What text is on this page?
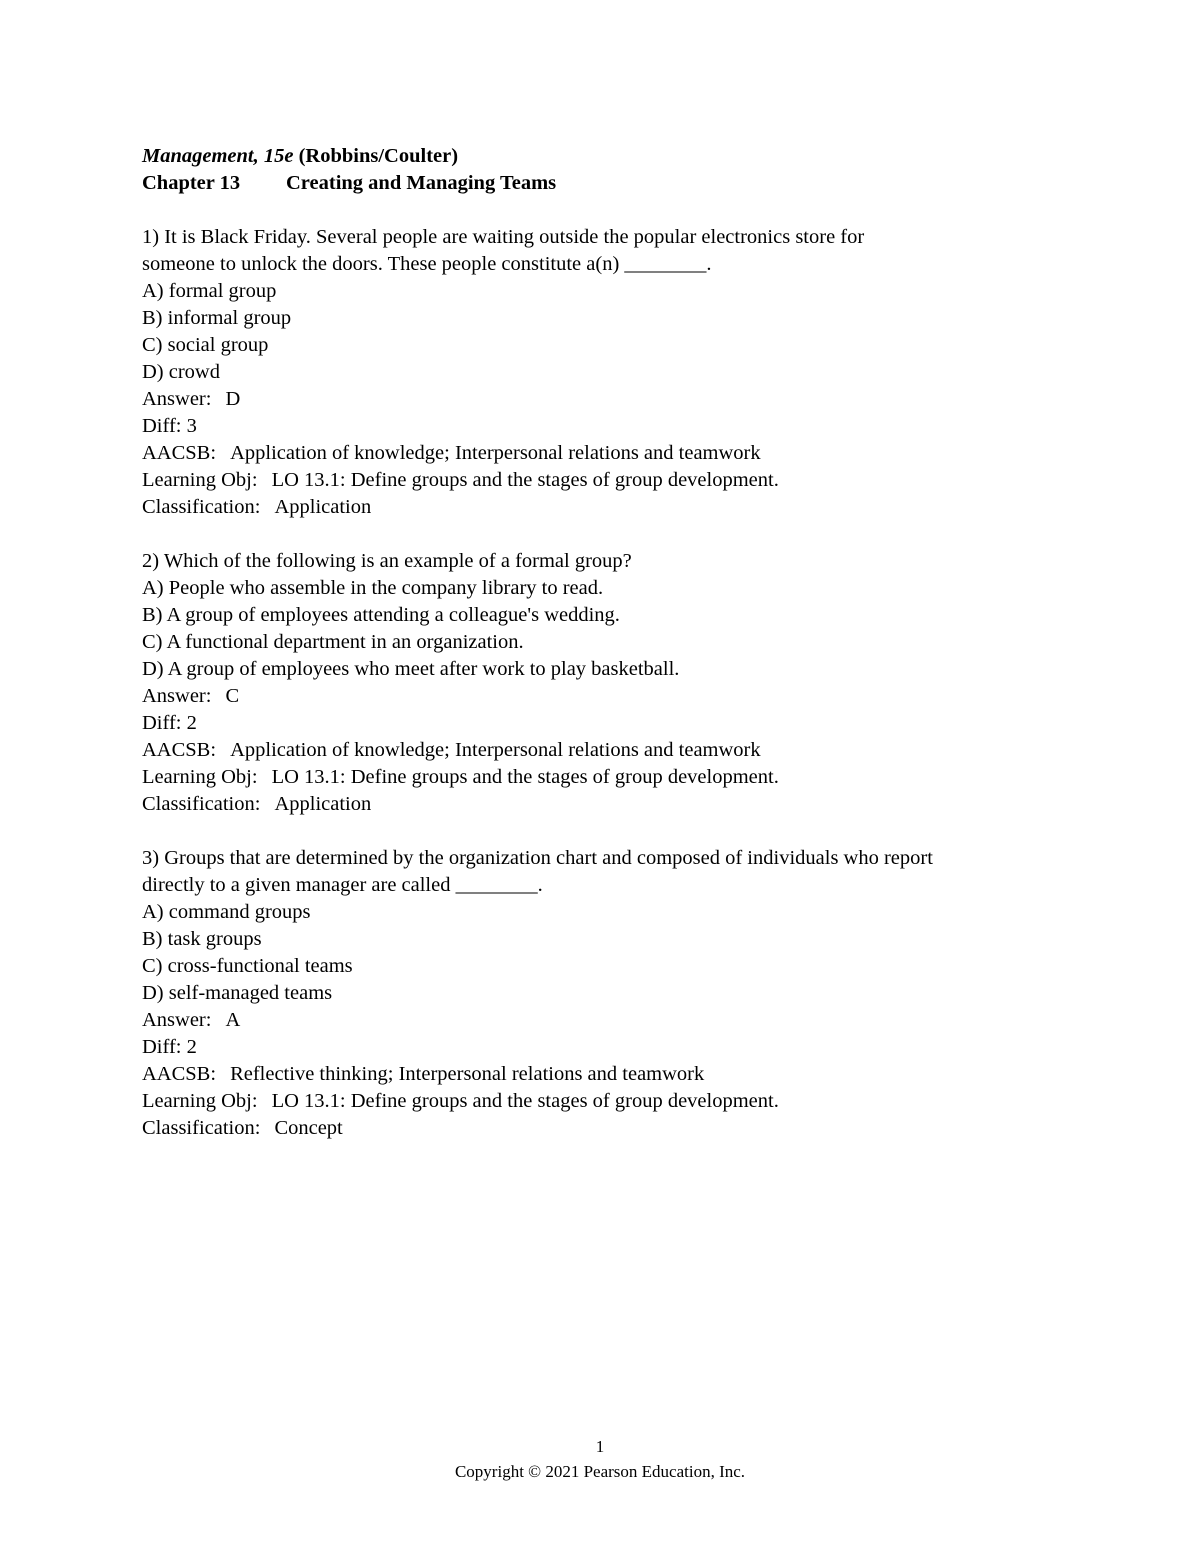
Management, 15e (Robbins/Coulter)
Chapter 13 Creating and Managing Teams
1) It is Black Friday. Several people are waiting outside the popular electronics store for
someone to unlock the doors. These people constitute a(n) ________.
A) formal group
B) informal group
C) social group
D) crowd
Answer: D
Diff: 3
AACSB: Application of knowledge; Interpersonal relations and teamwork
Learning Obj: LO 13.1: Define groups and the stages of group development.
Classification: Application
2) Which of the following is an example of a formal group?
A) People who assemble in the company library to read.
B) A group of employees attending a colleague's wedding.
C) A functional department in an organization.
D) A group of employees who meet after work to play basketball.
Answer: C
Diff: 2
AACSB: Application of knowledge; Interpersonal relations and teamwork
Learning Obj: LO 13.1: Define groups and the stages of group development.
Classification: Application
3) Groups that are determined by the organization chart and composed of individuals who report
directly to a given manager are called ________.
A) command groups
B) task groups
C) cross-functional teams
D) self-managed teams
Answer: A
Diff: 2
AACSB: Reflective thinking; Interpersonal relations and teamwork
Learning Obj: LO 13.1: Define groups and the stages of group development.
Classification: Concept
1
Copyright © 2021 Pearson Education, Inc.
